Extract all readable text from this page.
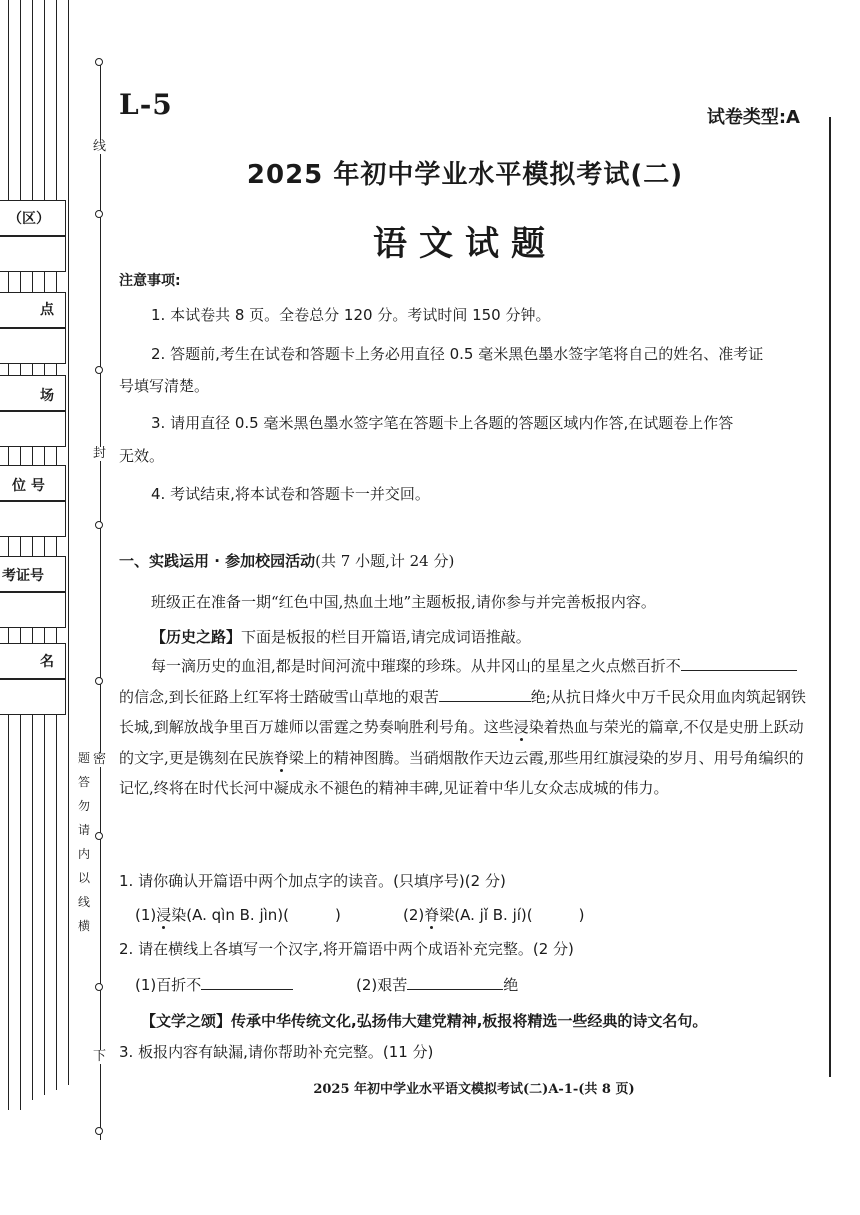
（区）
点
场
位 号
考证号
名
线
封
密
横
线
以
内
请
勿
答
题
下
L-5	试卷类型:A
2025 年初中学业水平模拟考试(二)
语文试题
注意事项:
1. 本试卷共 8 页。全卷总分 120 分。考试时间 150 分钟。
2. 答题前,考生在试卷和答题卡上务必用直径 0.5 毫米黑色墨水签字笔将自己的姓名、准考证
号填写清楚。
3. 请用直径 0.5 毫米黑色墨水签字笔在答题卡上各题的答题区域内作答,在试题卷上作答
无效。
4. 考试结束,将本试卷和答题卡一并交回。
一、实践运用 · 参加校园活动(共 7 小题,计 24 分)
班级正在准备一期“红色中国,热血土地”主题板报,请你参与并完善板报内容。
【历史之路】下面是板报的栏目开篇语,请完成词语推敲。
每一滴历史的血泪,都是时间河流中璀璨的珍珠。从井冈山的星星之火点燃百折不的信念,到长征路上红军将士踏破雪山草地的艰苦	绝;从抗日烽火中万千民众用血肉筑起钢铁长城,到解放战争里百万雄师以雷霆之势奏响胜利号角。这些浸染着热血与荣光的篇章,不仅是史册上跃动的文字,更是镌刻在民族脊梁上的精神图腾。当硝烟散作天边云霞,那些用红旗浸染的岁月、用号角编织的记忆,终将在时代长河中凝成永不褪色的精神丰碑,见证着中华儿女众志成城的伟力。
1. 请你确认开篇语中两个加点字的读音。(只填序号)(2 分)
(1)浸染(A. qìn B. jìn)(	)	(2)脊梁(A. jǐ B. jí)(	)
2. 请在横线上各填写一个汉字,将开篇语中两个成语补充完整。(2 分)
(1)百折不	(2)艰苦	绝
【文学之颂】传承中华传统文化,弘扬伟大建党精神,板报将精选一些经典的诗文名句。
3. 板报内容有缺漏,请你帮助补充完整。(11 分)
2025 年初中学业水平语文模拟考试(二)A-1-(共 8 页)
